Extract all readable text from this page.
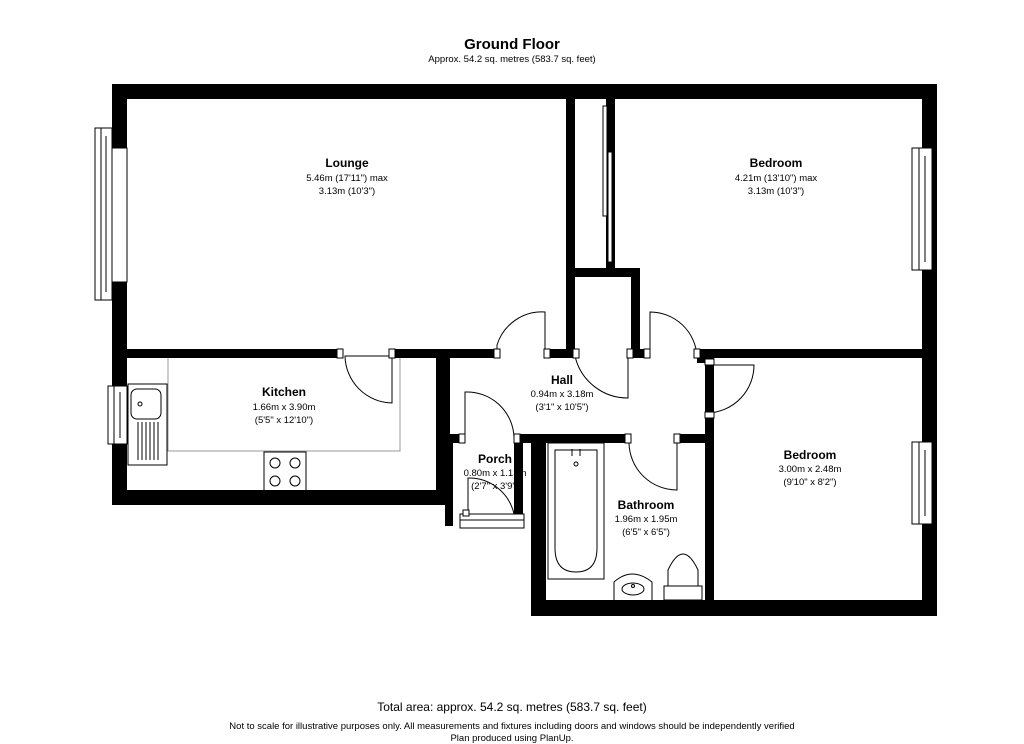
Ground Floor
Approx. 54.2 sq. metres (583.7 sq. feet)
Lounge
5.46m (17'11") max
3.13m (10'3")
Bedroom
4.21m (13'10") max
3.13m (10'3")
Kitchen
1.66m x 3.90m
(5'5" x 12'10")
Hall
0.94m x 3.18m
(3'1" x 10'5")
Porch
0.80m x 1.13m
(2'7" x 3'9")
Bathroom
1.96m x 1.95m
(6'5" x 6'5")
Bedroom
3.00m x 2.48m
(9'10" x 8'2")
Total area: approx. 54.2 sq. metres (583.7 sq. feet)
Not to scale for illustrative purposes only. All measurements and fixtures including doors and windows should be independently verified
Plan produced using PlanUp.
